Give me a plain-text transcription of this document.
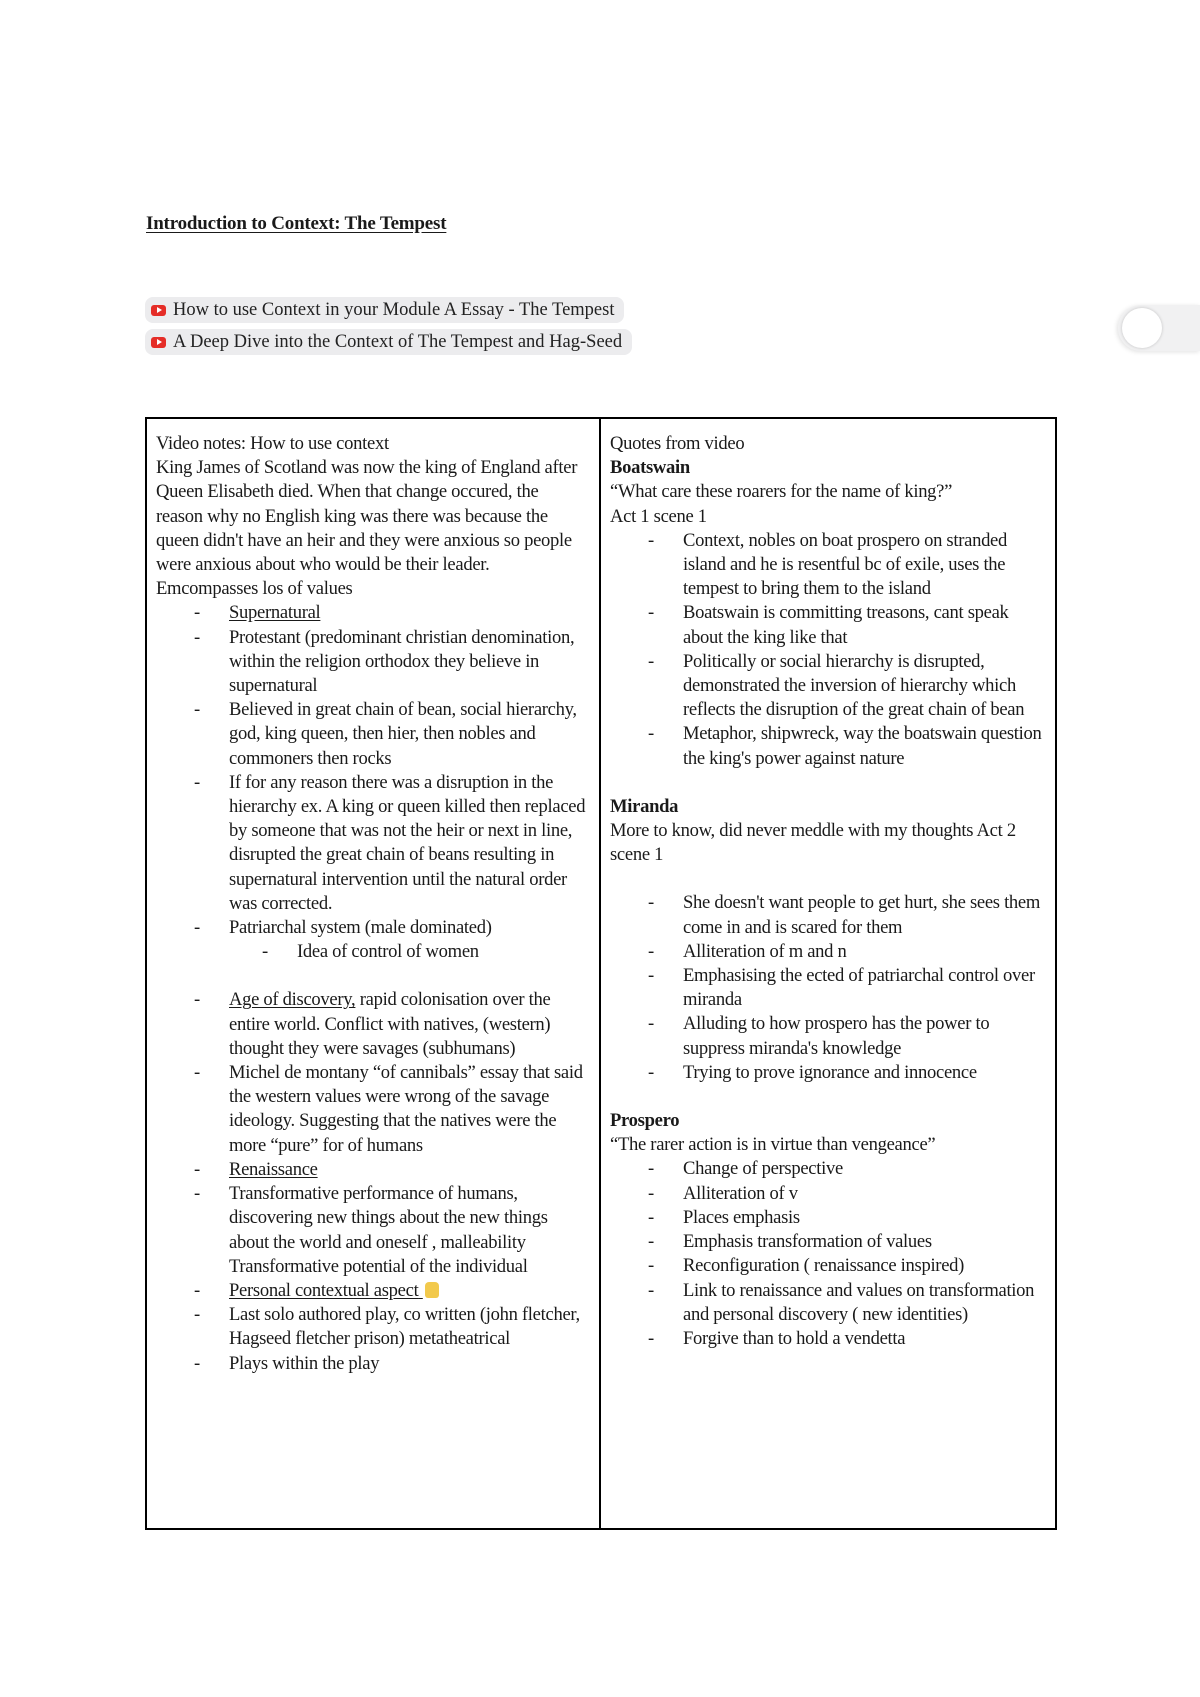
Introduction to Context: The Tempest
How to use Context in your Module A Essay - The Tempest
A Deep Dive into the Context of The Tempest and Hag-Seed

Video notes: How to use context

King James of Scotland was now the king of England after Queen Elisabeth died. When that change occured, the reason why no English king was there was because the queen didn't have an heir and they were anxious so people were anxious about who would be their leader.

Emcompasses los of values

- Supernatural
- Protestant (predominant christian denomination, within the religion orthodox they believe in supernatural
- Believed in great chain of bean, social hierarchy, god, king queen, then hier, then nobles and commoners then rocks
- If for any reason there was a disruption in the hierarchy ex. A king or queen killed then replaced by someone that was not the heir or next in line, disrupted the great chain of beans resulting in supernatural intervention until the natural order was corrected.
- Patriarchal system (male dominated)
- Idea of control of women
- Age of discovery, rapid colonisation over the entire world. Conflict with natives, (western) thought they were savages (subhumans)
- Michel de montany “of cannibals” essay that said the western values were wrong of the savage ideology. Suggesting that the natives were the more “pure” for of humans
- Renaissance
- Transformative performance of humans, discovering new things about the new things about the world and oneself , malleability Transformative potential of the individual
- Personal contextual aspect
- Last solo authored play, co written (john fletcher, Hagseed fletcher prison) metatheatrical
- Plays within the play

Quotes from video

Boatswain

“What care these roarers for the name of king?”

Act 1 scene 1

- Context, nobles on boat prospero on stranded island and he is resentful bc of exile, uses the tempest to bring them to the island
- Boatswain is committing treasons, cant speak about the king like that
- Politically or social hierarchy is disrupted, demonstrated the inversion of hierarchy which reflects the disruption of the great chain of bean
- Metaphor, shipwreck, way the boatswain question the king's power against nature

Miranda

More to know, did never meddle with my thoughts Act 2 scene 1

- She doesn't want people to get hurt, she sees them come in and is scared for them
- Alliteration of m and n
- Emphasising the ected of patriarchal control over miranda
- Alluding to how prospero has the power to suppress miranda's knowledge
- Trying to prove ignorance and innocence

Prospero

“The rarer action is in virtue than vengeance”

- Change of perspective
- Alliteration of v
- Places emphasis
- Emphasis transformation of values
- Reconfiguration ( renaissance inspired)
- Link to renaissance and values on transformation and personal discovery ( new identities)
- Forgive than to hold a vendetta
